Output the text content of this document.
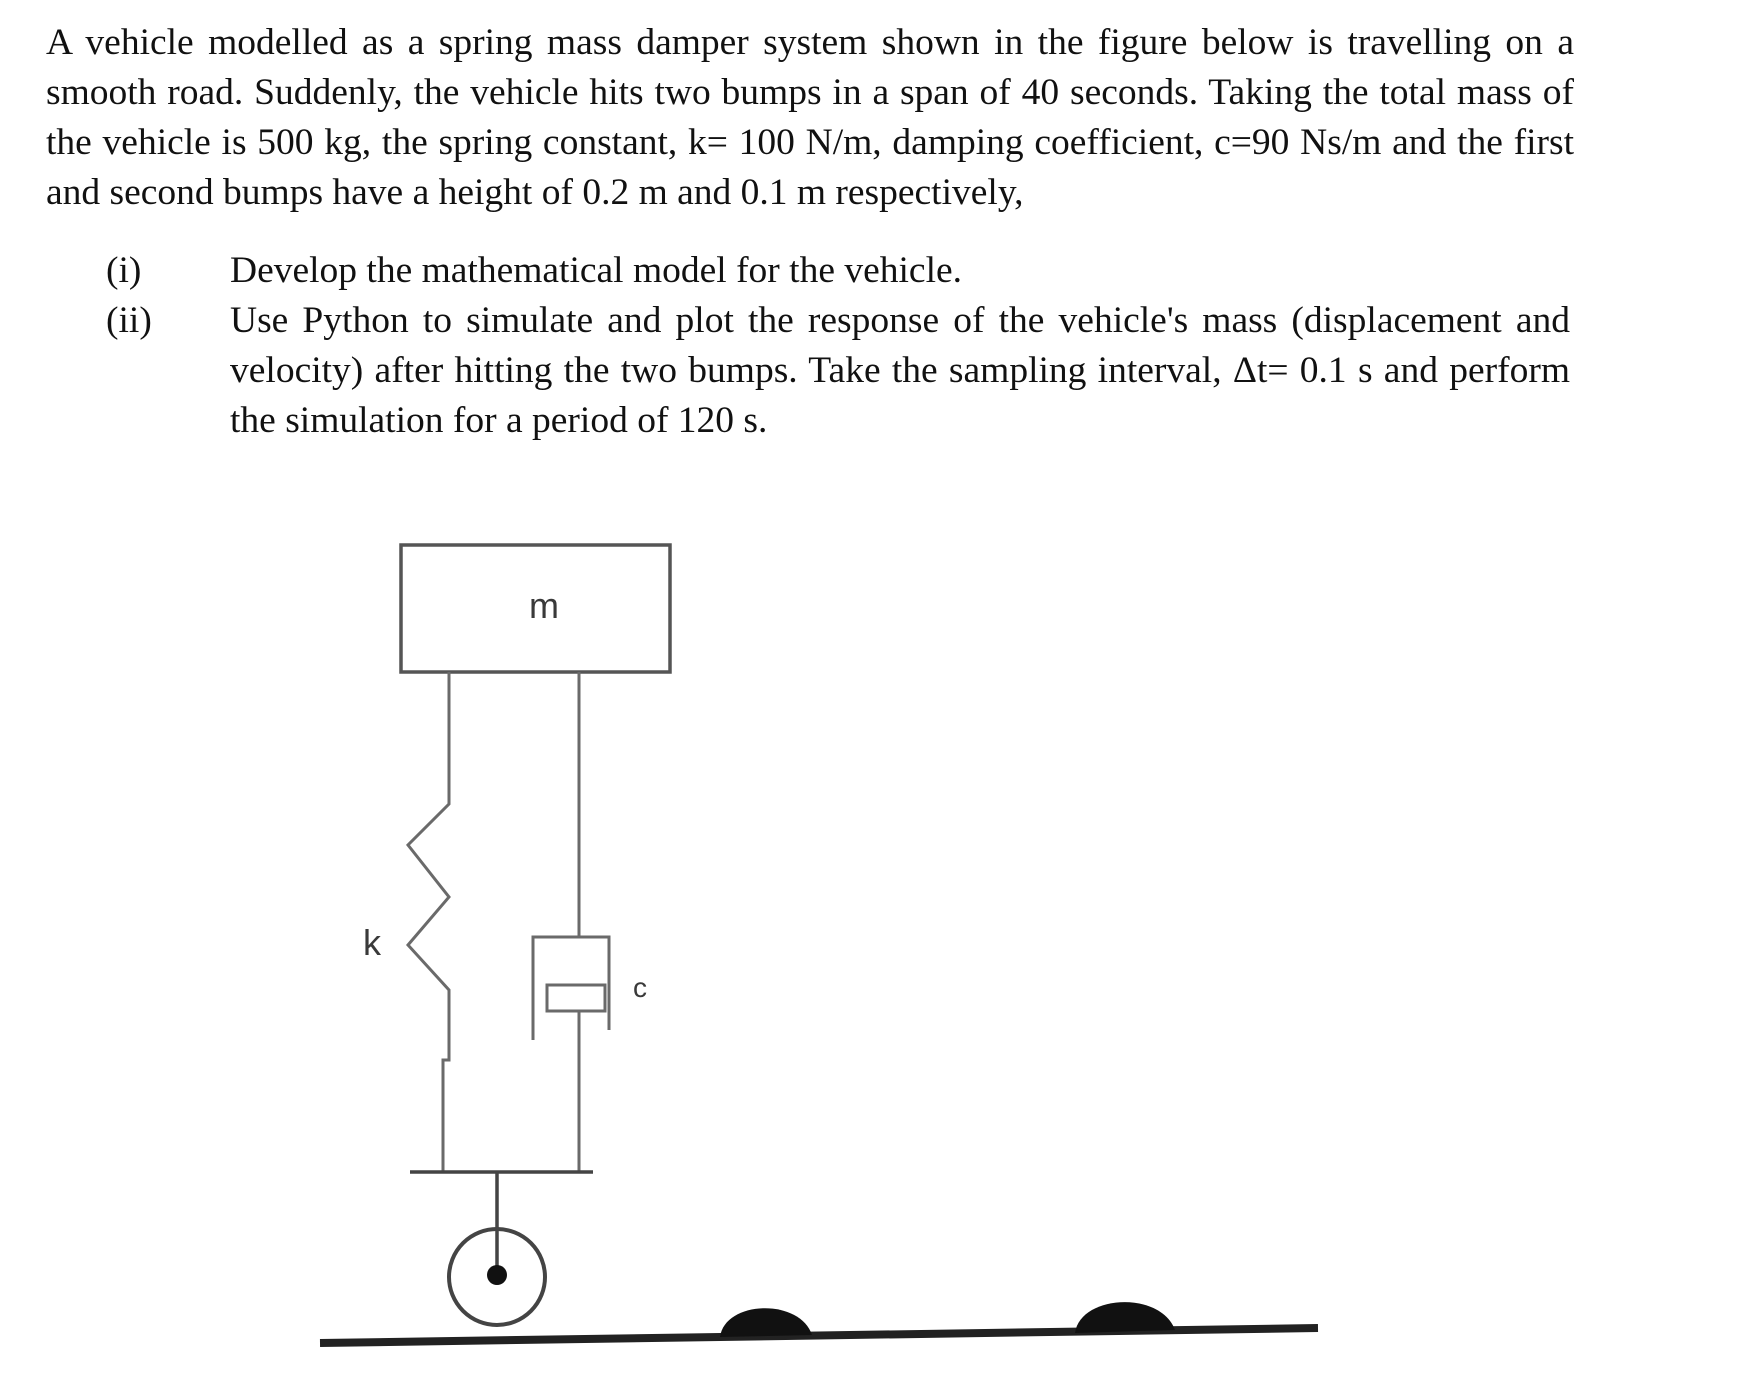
A vehicle modelled as a spring mass damper system shown in the figure below is travelling on a smooth road. Suddenly, the vehicle hits two bumps in a span of 40 seconds. Taking the total mass of the vehicle is 500 kg, the spring constant, k= 100 N/m, damping coefficient, c=90 Ns/m and the first and second bumps have a height of 0.2 m and 0.1 m respectively,

(i)	Develop the mathematical model for the vehicle.
(ii)	Use Python to simulate and plot the response of the vehicle's mass (displacement and velocity) after hitting the two bumps. Take the sampling interval, Δt= 0.1 s and perform the simulation for a period of 120 s.
m
k
c
